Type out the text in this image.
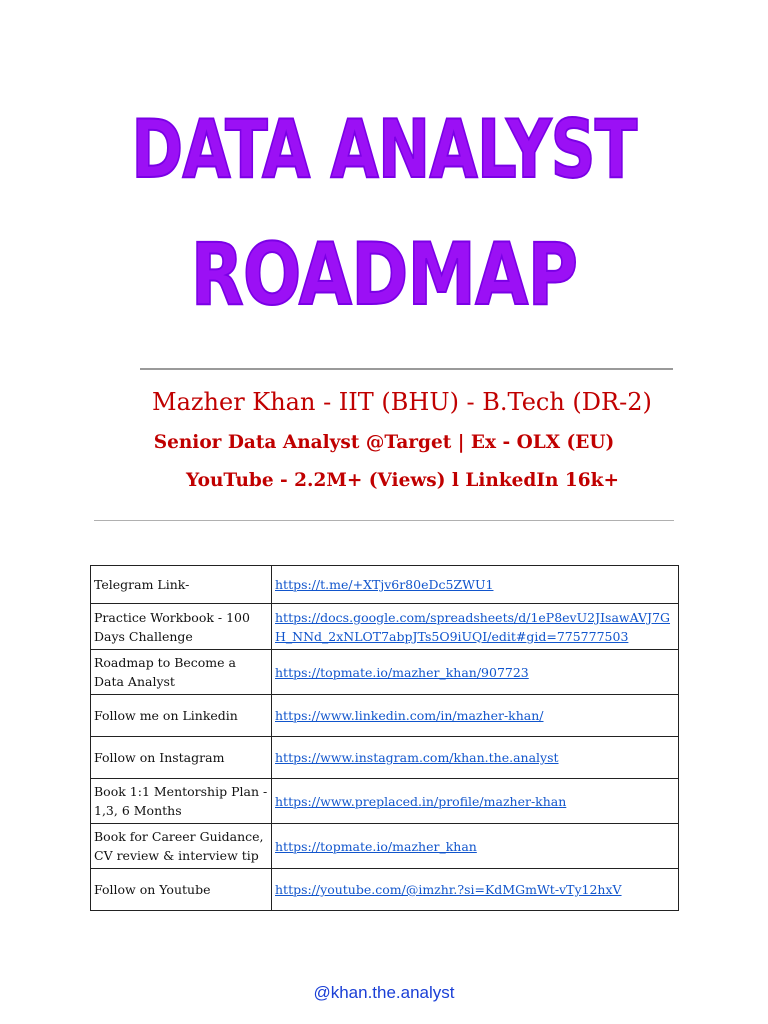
DATA ANALYST
ROADMAP
Mazher Khan - IIT (BHU) - B.Tech (DR-2)
Senior Data Analyst @Target | Ex - OLX (EU)
YouTube - 2.2M+ (Views) l LinkedIn 16k+
Telegram Link-	https://t.me/+XTjv6r80eDc5ZWU1
Practice Workbook - 100 Days Challenge	https://docs.google.com/spreadsheets/d/1eP8evU2JIsawAVJ7GH_NNd_2xNLOT7abpJTs5O9iUQI/edit#gid=775777503
Roadmap to Become a Data Analyst	https://topmate.io/mazher_khan/907723
Follow me on Linkedin	https://www.linkedin.com/in/mazher-khan/
Follow on Instagram	https://www.instagram.com/khan.the.analyst
Book 1:1 Mentorship Plan - 1,3, 6 Months	https://www.preplaced.in/profile/mazher-khan
Book for Career Guidance, CV review & interview tip	https://topmate.io/mazher_khan
Follow on Youtube	https://youtube.com/@imzhr.?si=KdMGmWt-vTy12hxV
@khan.the.analyst
